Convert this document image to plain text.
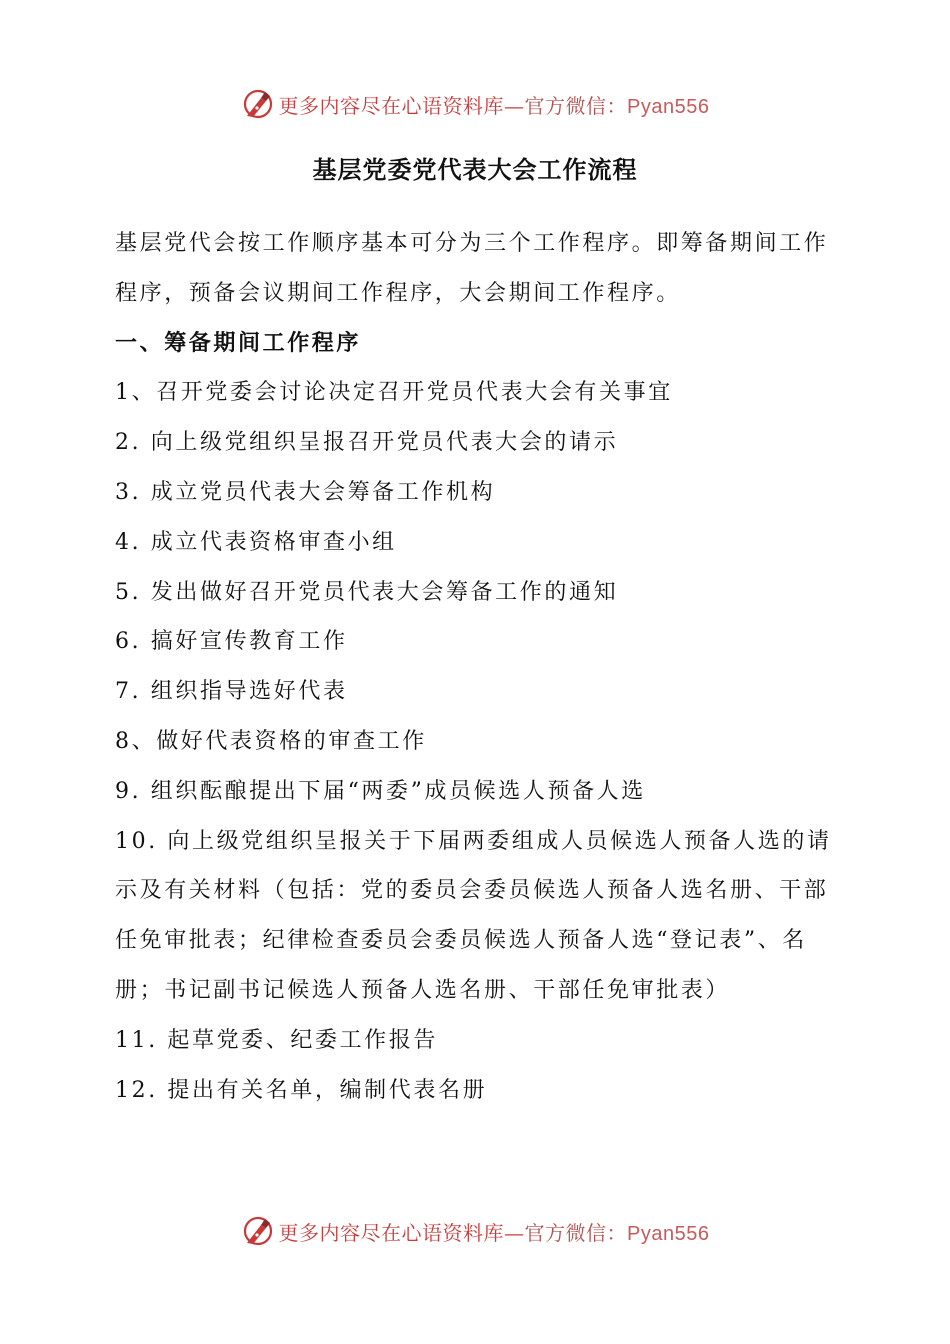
更多内容尽在心语资料库—官方微信：Pyan556
基层党委党代表大会工作流程

基层党代会按工作顺序基本可分为三个工作程序。即筹备期间工作程序，预备会议期间工作程序，大会期间工作程序。

一、筹备期间工作程序

1、召开党委会讨论决定召开党员代表大会有关事宜

2. 向上级党组织呈报召开党员代表大会的请示

3. 成立党员代表大会筹备工作机构

4. 成立代表资格审查小组

5. 发出做好召开党员代表大会筹备工作的通知

6. 搞好宣传教育工作

7. 组织指导选好代表

8、做好代表资格的审查工作

9. 组织酝酿提出下届“两委”成员候选人预备人选

10. 向上级党组织呈报关于下届两委组成人员候选人预备人选的请示及有关材料（包括：党的委员会委员候选人预备人选名册、干部任免审批表；纪律检查委员会委员候选人预备人选“登记表”、名册；书记副书记候选人预备人选名册、干部任免审批表）

11. 起草党委、纪委工作报告

12. 提出有关名单，编制代表名册

更多内容尽在心语资料库—官方微信：Pyan556
